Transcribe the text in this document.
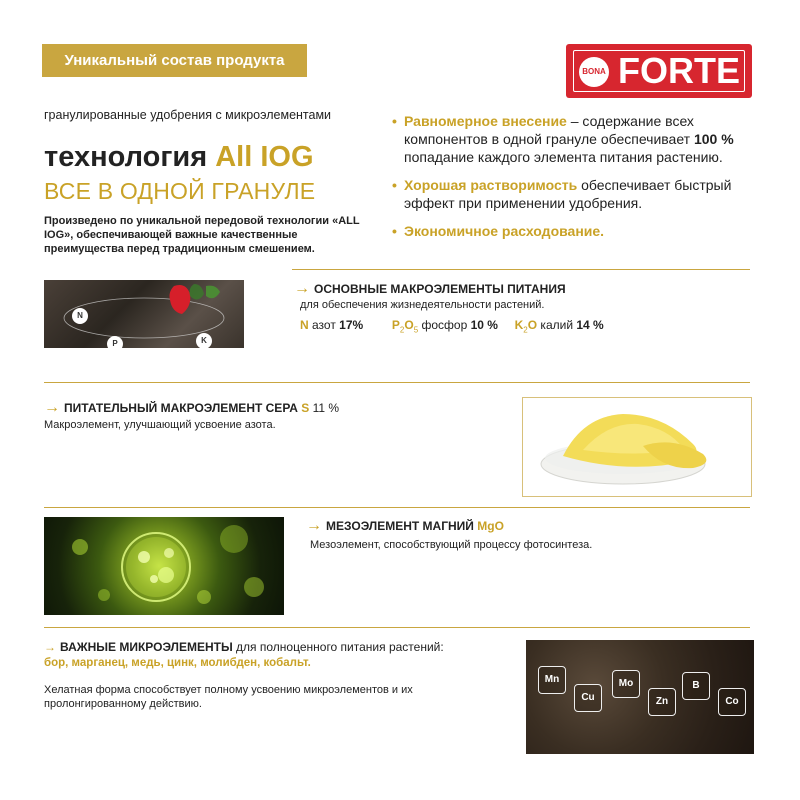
Уникальный состав продукта
BONA FORTE
гранулированные удобрения с микроэлементами
технология All IOG
ВСЕ В ОДНОЙ ГРАНУЛЕ
Произведено по уникальной передовой технологии «ALL IOG», обеспечивающей важные качественные преимущества перед традиционным смешением.
• Равномерное внесение – содержание всех компонентов в одной грануле обеспечивает 100 % попадание каждого элемента питания растению.
• Хорошая растворимость обеспечивает быстрый эффект при применении удобрения.
• Экономичное расходование.
N
P	K
→ ОСНОВНЫЕ МАКРОЭЛЕМЕНТЫ ПИТАНИЯ
для обеспечения жизнедеятельности растений.
N азот 17% $P_2O_5$ фосфор 10 % $K_2O$ калий 14 %
→ ПИТАТЕЛЬНЫЙ МАКРОЭЛЕМЕНТ СЕРА S 11 %
Макроэлемент, улучшающий усвоение азота.
→ МЕЗОЭЛЕМЕНТ МАГНИЙ MgO
Мезоэлемент, способствующий процессу фотосинтеза.
→ ВАЖНЫЕ МИКРОЭЛЕМЕНТЫ для полноценного питания растений:
бор, марганец, медь, цинк, молибден, кобальт.
Хелатная форма способствует полному усвоению микроэлементов и их пролонгированному действию.
Mn
Cu
Mo
Zn
B
Co
